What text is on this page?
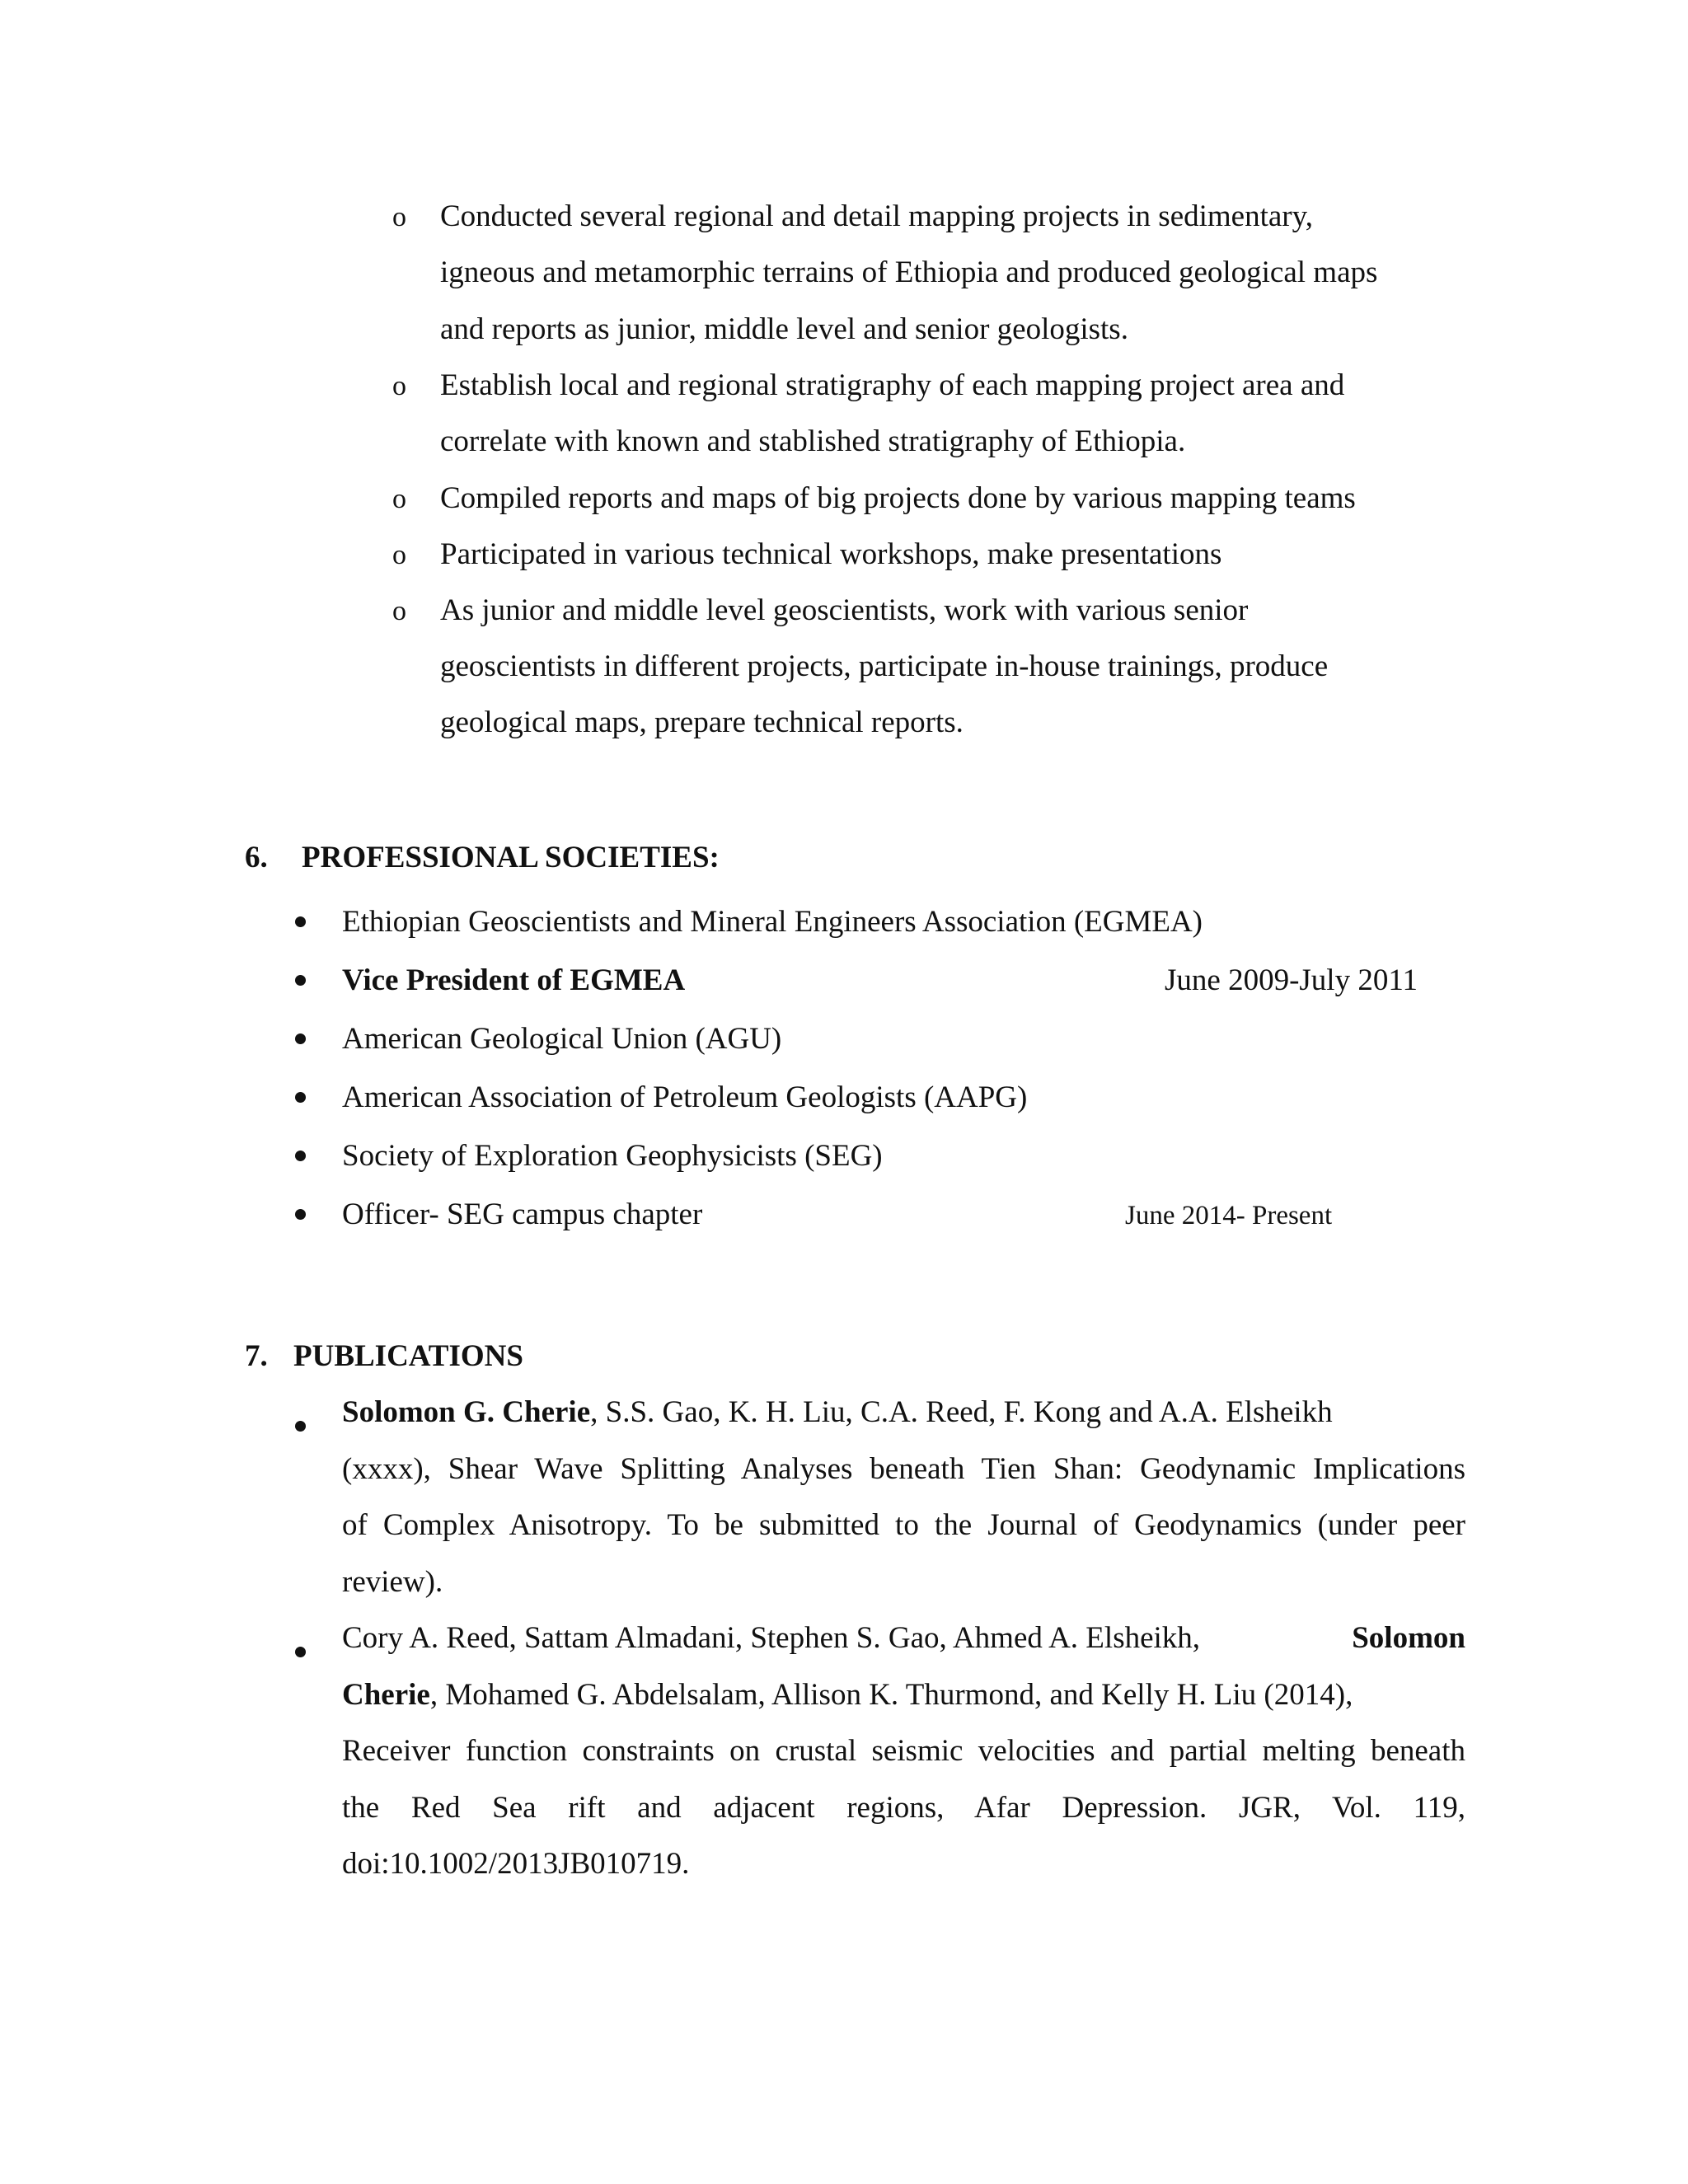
o Conducted several regional and detail mapping projects in sedimentary,
igneous and metamorphic terrains of Ethiopia and produced geological maps
and reports as junior, middle level and senior geologists.
o Establish local and regional stratigraphy of each mapping project area and
correlate with known and stablished stratigraphy of Ethiopia.
o Compiled reports and maps of big projects done by various mapping teams
o Participated in various technical workshops, make presentations
o As junior and middle level geoscientists, work with various senior
geoscientists in different projects, participate in-house trainings, produce
geological maps, prepare technical reports.
6. PROFESSIONAL SOCIETIES:
Ethiopian Geoscientists and Mineral Engineers Association (EGMEA)
Vice President of EGMEA	June 2009-July 2011
American Geological Union (AGU)
American Association of Petroleum Geologists (AAPG)
Society of Exploration Geophysicists (SEG)
Officer- SEG campus chapter	June 2014- Present
7. PUBLICATIONS
Solomon G. Cherie, S.S. Gao, K. H. Liu, C.A. Reed, F. Kong and A.A. Elsheikh
(xxxx), Shear Wave Splitting Analyses beneath Tien Shan: Geodynamic Implications
of Complex Anisotropy. To be submitted to the Journal of Geodynamics (under peer
review).
Cory A. Reed, Sattam Almadani, Stephen S. Gao, Ahmed A. Elsheikh,	Solomon
Cherie, Mohamed G. Abdelsalam, Allison K. Thurmond, and Kelly H. Liu (2014),
Receiver function constraints on crustal seismic velocities and partial melting beneath
the Red Sea rift and adjacent regions, Afar Depression. JGR, Vol. 119,
doi:10.1002/2013JB010719.
